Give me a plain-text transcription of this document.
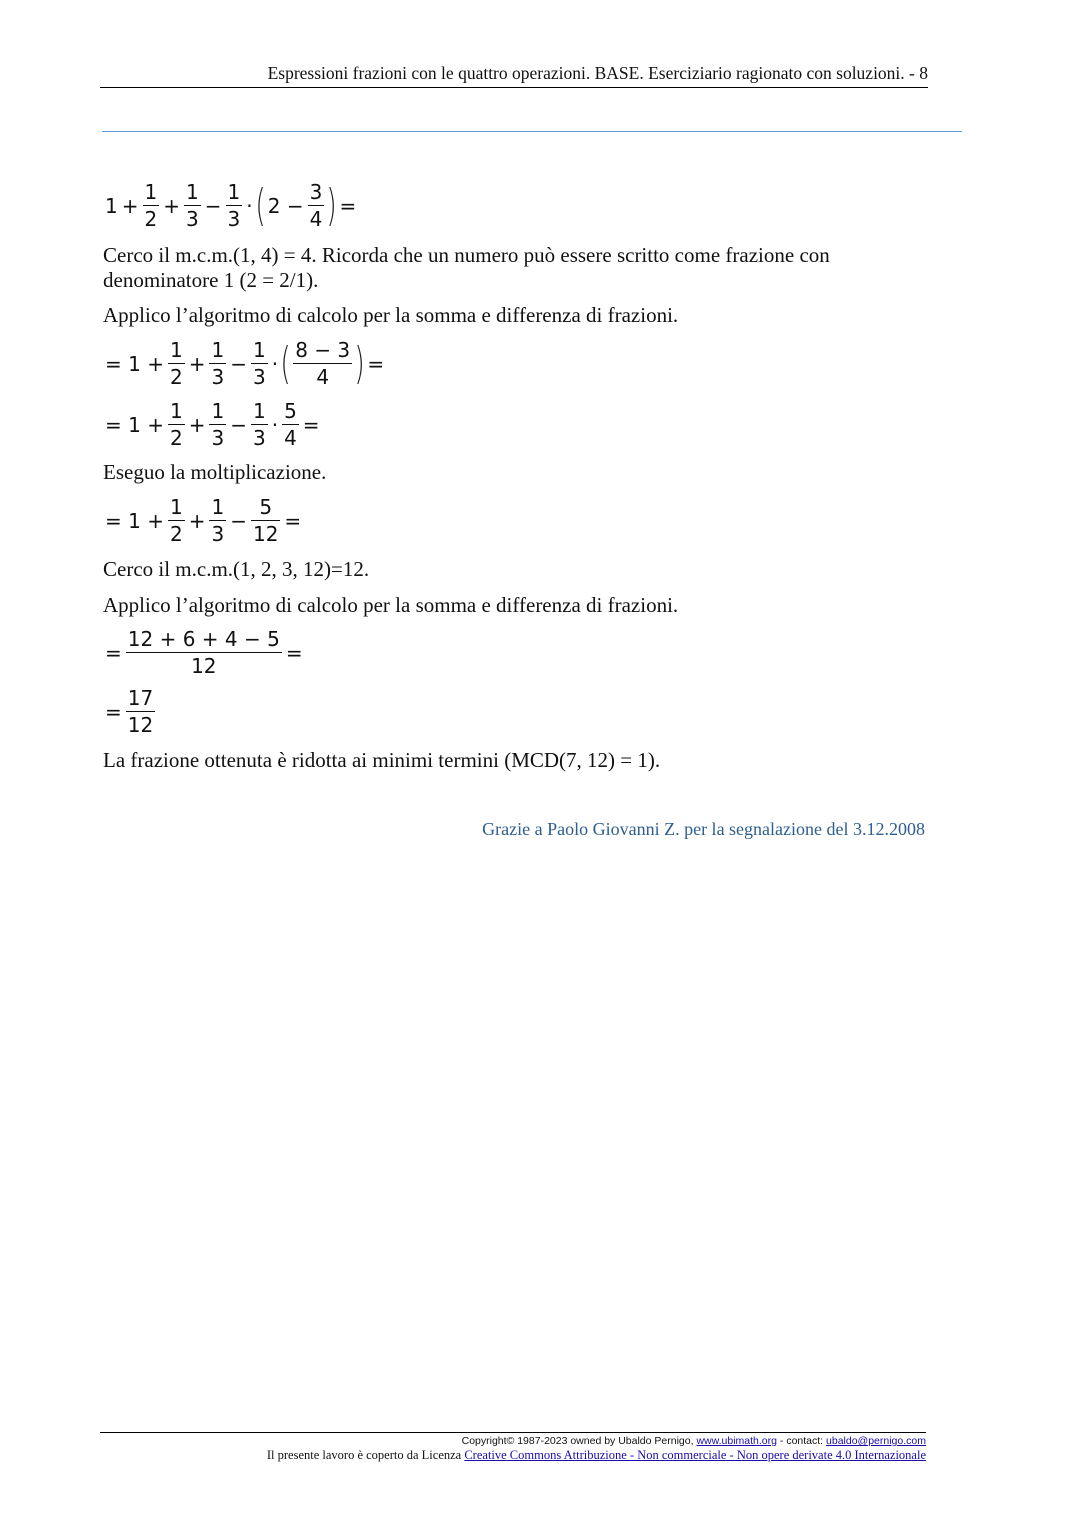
Espressioni frazioni con le quattro operazioni. BASE. Eserciziario ragionato con soluzioni. - 8
$1 + \frac{1}{2} + \frac{1}{3} - \frac{1}{3}$ · ( $2 - \frac{3}{4}$ ) =
Cerco il m.c.m.(1, 4) = 4. Ricorda che un numero può essere scritto come frazione con denominatore 1 (2 = 2/1).
Applico l’algoritmo di calcolo per la somma e differenza di frazioni.
= $1 + \frac{1}{2} + \frac{1}{3} - \frac{1}{3}$ · ( $\frac{8 - 3}{4}$ ) =
= $1 + \frac{1}{2} + \frac{1}{3} - \frac{1}{3} \cdot \frac{5}{4}$ =
Eseguo la moltiplicazione.
= $1 + \frac{1}{2} + \frac{1}{3} - \frac{5}{12}$ =
Cerco il m.c.m.(1, 2, 3, 12)=12.
Applico l’algoritmo di calcolo per la somma e differenza di frazioni.
= $\frac{12 + 6 + 4 - 5}{12}$ =
= $\frac{17}{12}$
La frazione ottenuta è ridotta ai minimi termini (MCD(7, 12) = 1).
Grazie a Paolo Giovanni Z. per la segnalazione del 3.12.2008
Copyright© 1987-2023 owned by Ubaldo Pernigo, www.ubimath.org - contact: ubaldo@pernigo.com
Il presente lavoro è coperto da Licenza Creative Commons Attribuzione - Non commerciale - Non opere derivate 4.0 Internazionale
